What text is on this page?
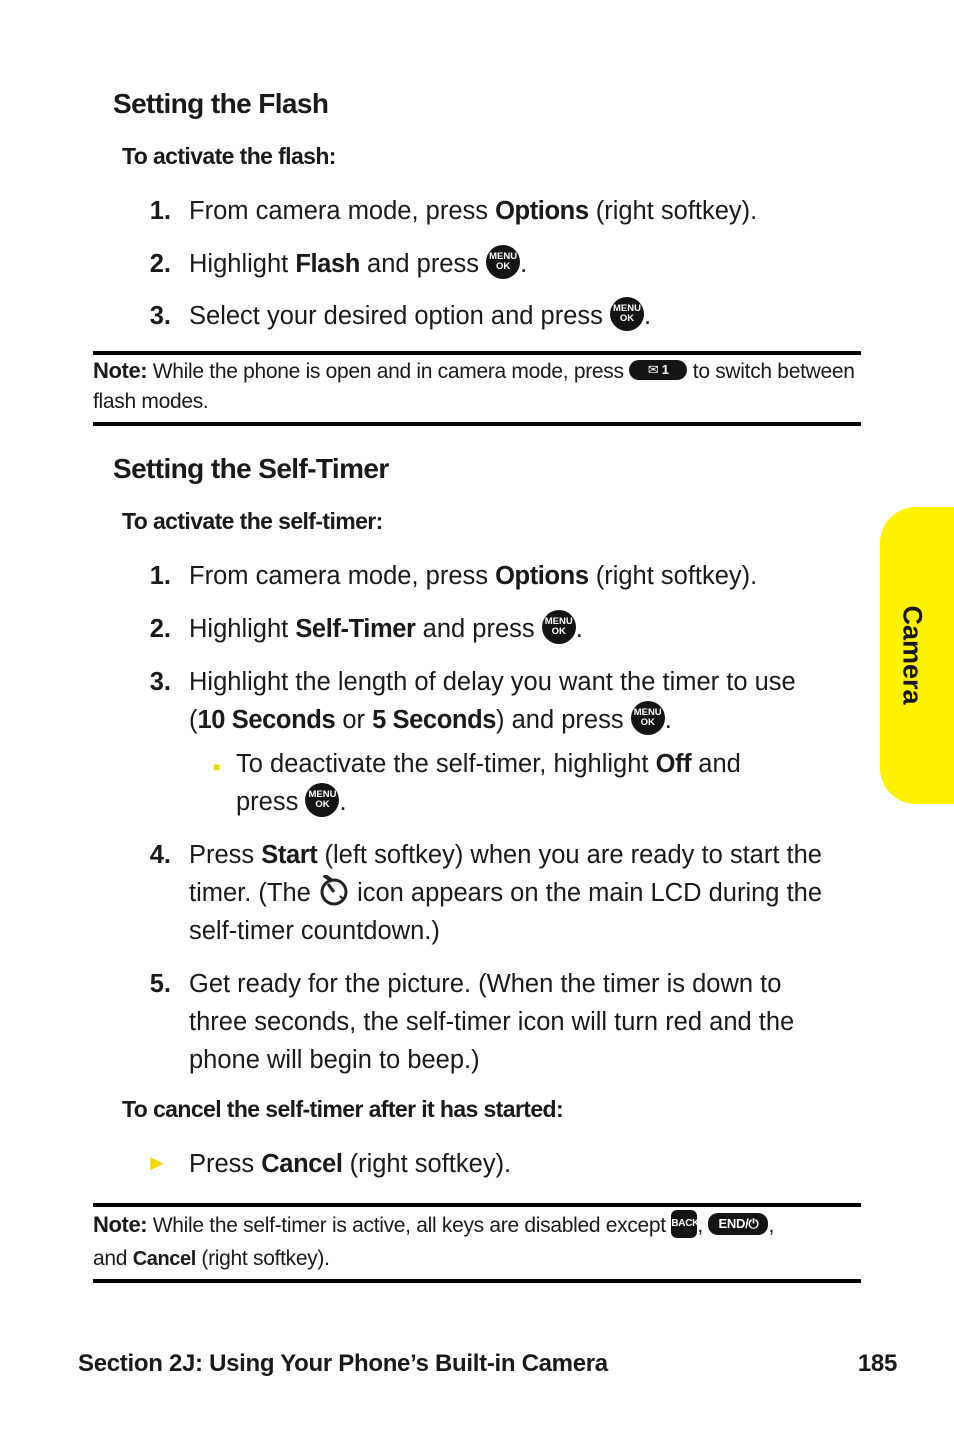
Setting the Flash
To activate the flash:
1. From camera mode, press Options (right softkey).
2. Highlight Flash and press	MENU
OK .
3. Select your desired option and press	MENU
OK .
Note: While the phone is open and in camera mode, press ✉ 1 to switch between flash modes.
Setting the Self-Timer
To activate the self-timer:
1. From camera mode, press Options (right softkey).
2. Highlight Self-Timer and press	MENU
OK .
3. Highlight the length of delay you want the timer to use
(10 Seconds or 5 Seconds) and press	MENU
OK .
■ To deactivate the self-timer, highlight Off and
press	MENU
OK .
4. Press Start (left softkey) when you are ready to start the
timer. (The icon appears on the main LCD during the
self-timer countdown.)
5. Get ready for the picture. (When the timer is down to
three seconds, the self-timer icon will turn red and the
phone will begin to beep.)
To cancel the self-timer after it has started:
► Press Cancel (right softkey).
Note: While the self-timer is active, all keys are disabled except BACK, END/⏻ ,
and Cancel (right softkey).
Camera
Section 2J: Using Your Phone’s Built-in Camera	185
